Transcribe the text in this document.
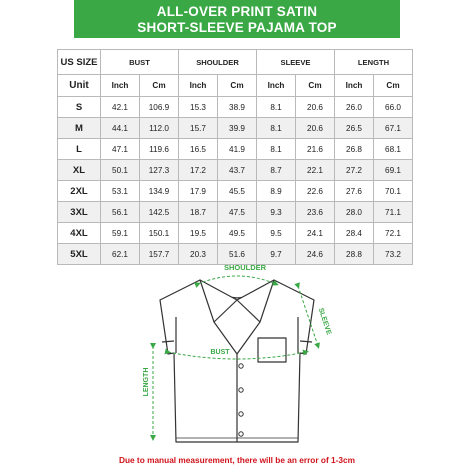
ALL-OVER PRINT SATIN
SHORT-SLEEVE PAJAMA TOP
US SIZE	BUST		SHOULDER		SLEEVE		LENGTH	
Unit	Inch	Cm	Inch	Cm	Inch	Cm	Inch	Cm
S	42.1	106.9	15.3	38.9	8.1	20.6	26.0	66.0
M	44.1	112.0	15.7	39.9	8.1	20.6	26.5	67.1
L	47.1	119.6	16.5	41.9	8.1	21.6	26.8	68.1
XL	50.1	127.3	17.2	43.7	8.7	22.1	27.2	69.1
2XL	53.1	134.9	17.9	45.5	8.9	22.6	27.6	70.1
3XL	56.1	142.5	18.7	47.5	9.3	23.6	28.0	71.1
4XL	59.1	150.1	19.5	49.5	9.5	24.1	28.4	72.1
5XL	62.1	157.7	20.3	51.6	9.7	24.6	28.8	73.2
SHOULDER
SLEEVE
BUST
LENGTH
Due to manual measurement, there will be an error of 1-3cm
